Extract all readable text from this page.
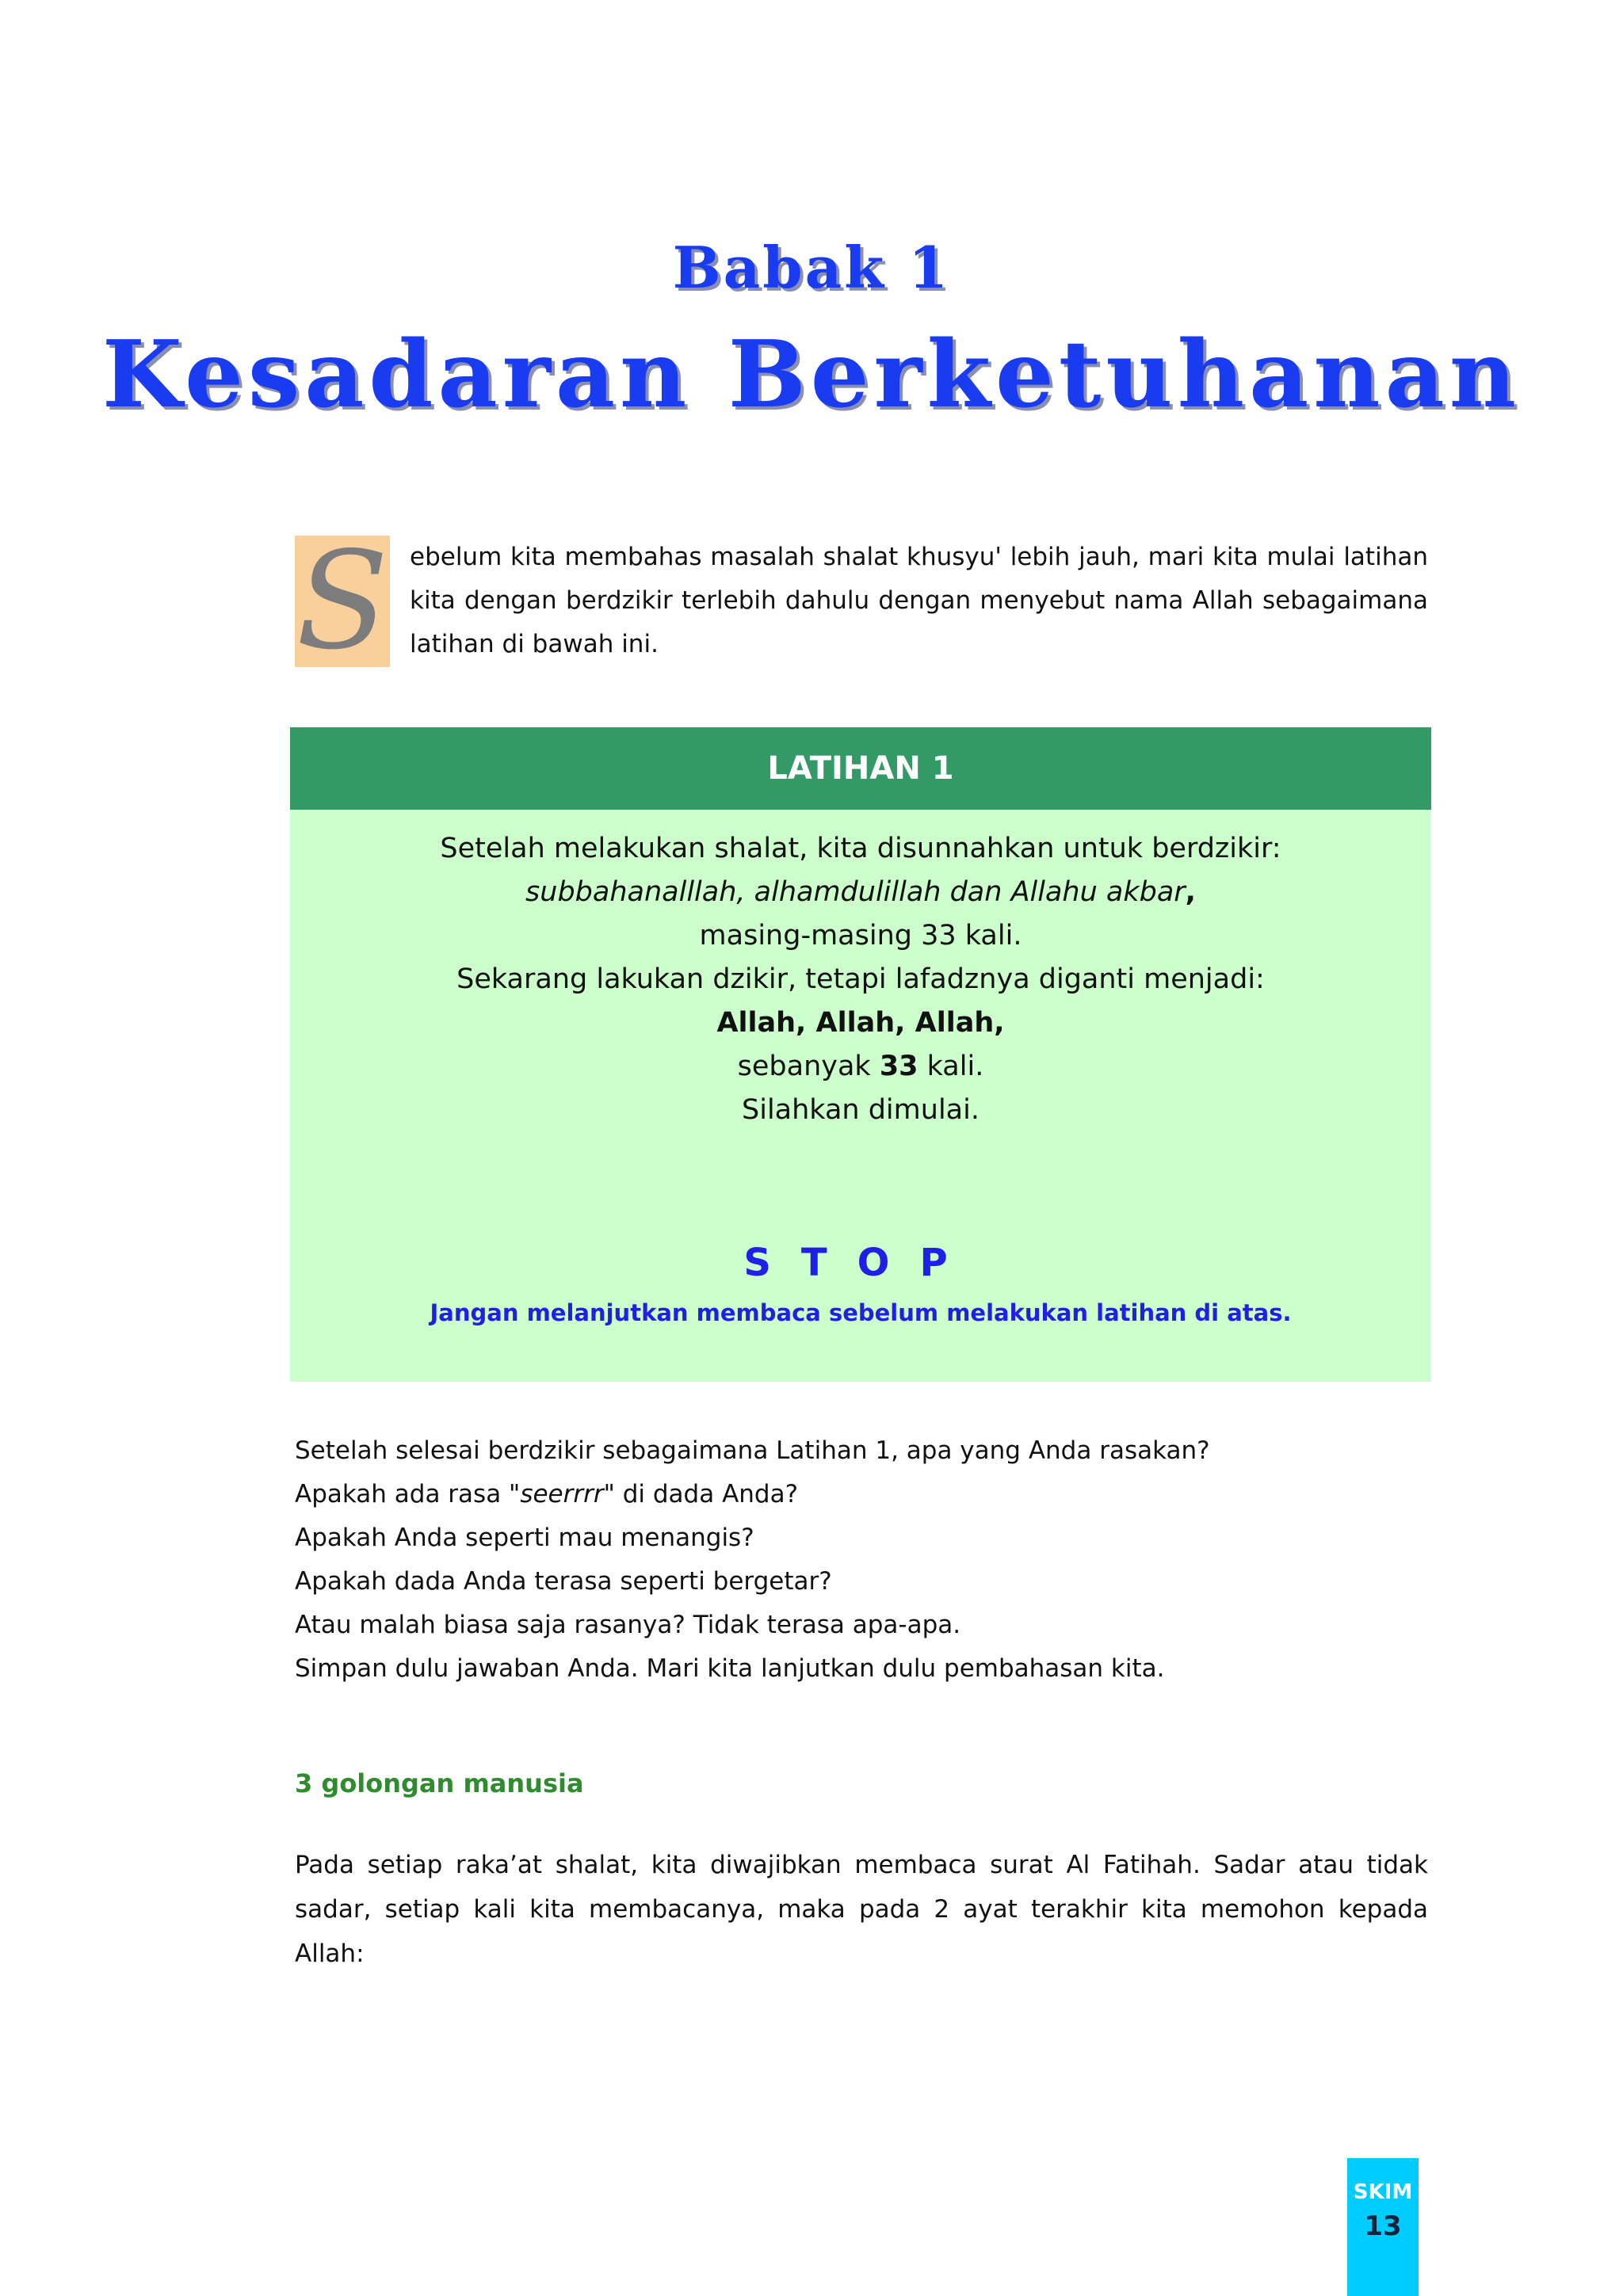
Babak 1
Kesadaran Berketuhanan
S ebelum kita membahas masalah shalat khusyu' lebih jauh, mari kita mulai latihan kita dengan berdzikir terlebih dahulu dengan menyebut nama Allah sebagaimana latihan di bawah ini.
LATIHAN 1
Setelah melakukan shalat, kita disunnahkan untuk berdzikir:
subbahanalllah, alhamdulillah dan Allahu akbar,
masing-masing 33 kali.
Sekarang lakukan dzikir, tetapi lafadznya diganti menjadi:
Allah, Allah, Allah,
sebanyak 33 kali.
Silahkan dimulai.
STOP
Jangan melanjutkan membaca sebelum melakukan latihan di atas.
Setelah selesai berdzikir sebagaimana Latihan 1, apa yang Anda rasakan?
Apakah ada rasa "seerrrr" di dada Anda?
Apakah Anda seperti mau menangis?
Apakah dada Anda terasa seperti bergetar?
Atau malah biasa saja rasanya? Tidak terasa apa-apa.
Simpan dulu jawaban Anda. Mari kita lanjutkan dulu pembahasan kita.
3 golongan manusia
Pada setiap raka’at shalat, kita diwajibkan membaca surat Al Fatihah. Sadar atau tidak sadar, setiap kali kita membacanya, maka pada 2 ayat terakhir kita memohon kepada Allah:
SKIM
13
